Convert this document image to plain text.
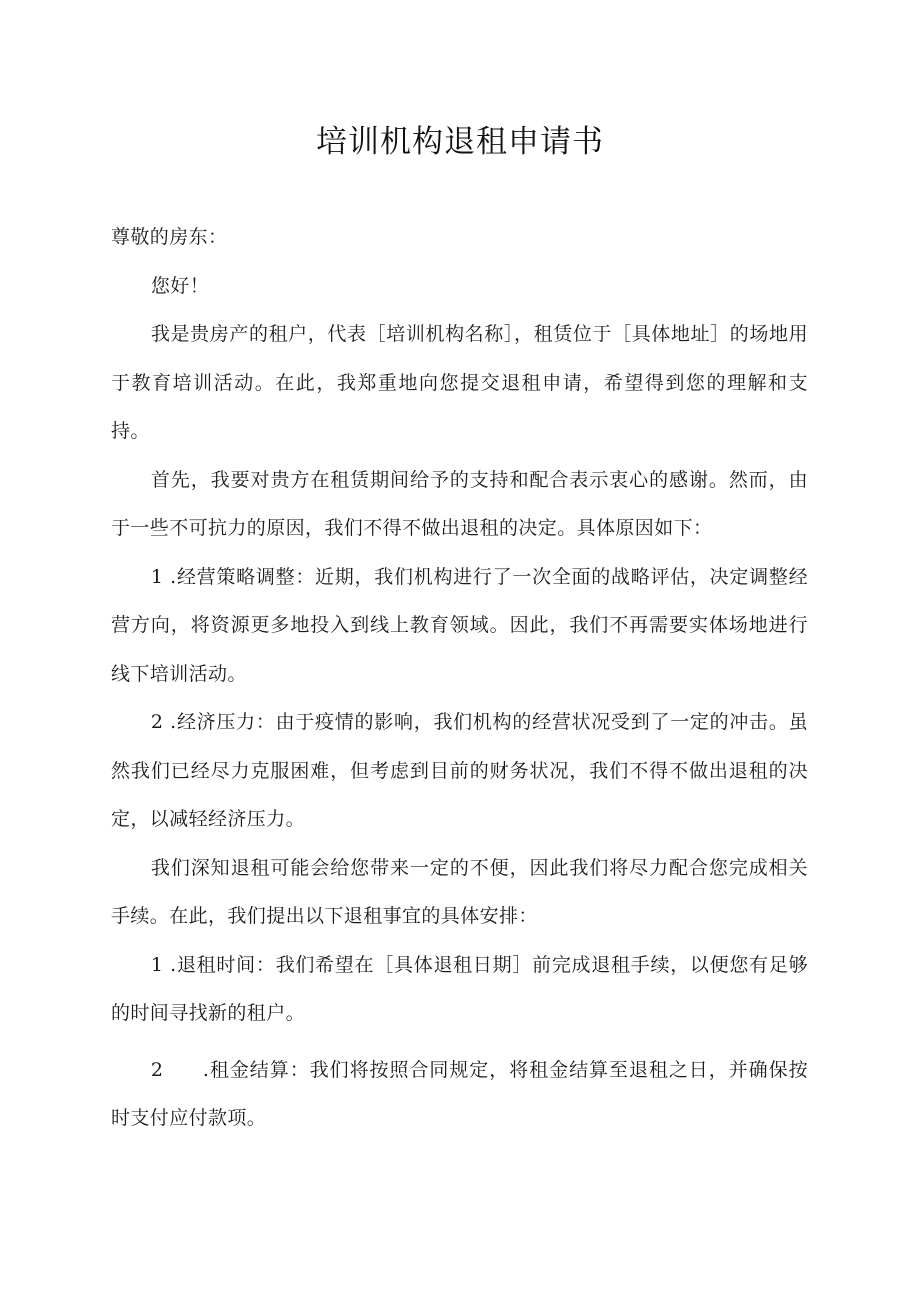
培训机构退租申请书

尊敬的房东：

您好！

我是贵房产的租户，代表［培训机构名称］，租赁位于［具体地址］的场地用于教育培训活动。在此，我郑重地向您提交退租申请，希望得到您的理解和支持。

首先，我要对贵方在租赁期间给予的支持和配合表示衷心的感谢。然而，由于一些不可抗力的原因，我们不得不做出退租的决定。具体原因如下：

1 .经营策略调整：近期，我们机构进行了一次全面的战略评估，决定调整经营方向，将资源更多地投入到线上教育领域。因此，我们不再需要实体场地进行线下培训活动。

2 .经济压力：由于疫情的影响，我们机构的经营状况受到了一定的冲击。虽然我们已经尽力克服困难，但考虑到目前的财务状况，我们不得不做出退租的决定，以减轻经济压力。

我们深知退租可能会给您带来一定的不便，因此我们将尽力配合您完成相关手续。在此，我们提出以下退租事宜的具体安排：

1 .退租时间：我们希望在［具体退租日期］前完成退租手续，以便您有足够的时间寻找新的租户。

2 .租金结算：我们将按照合同规定，将租金结算至退租之日，并确保按时支付应付款项。
